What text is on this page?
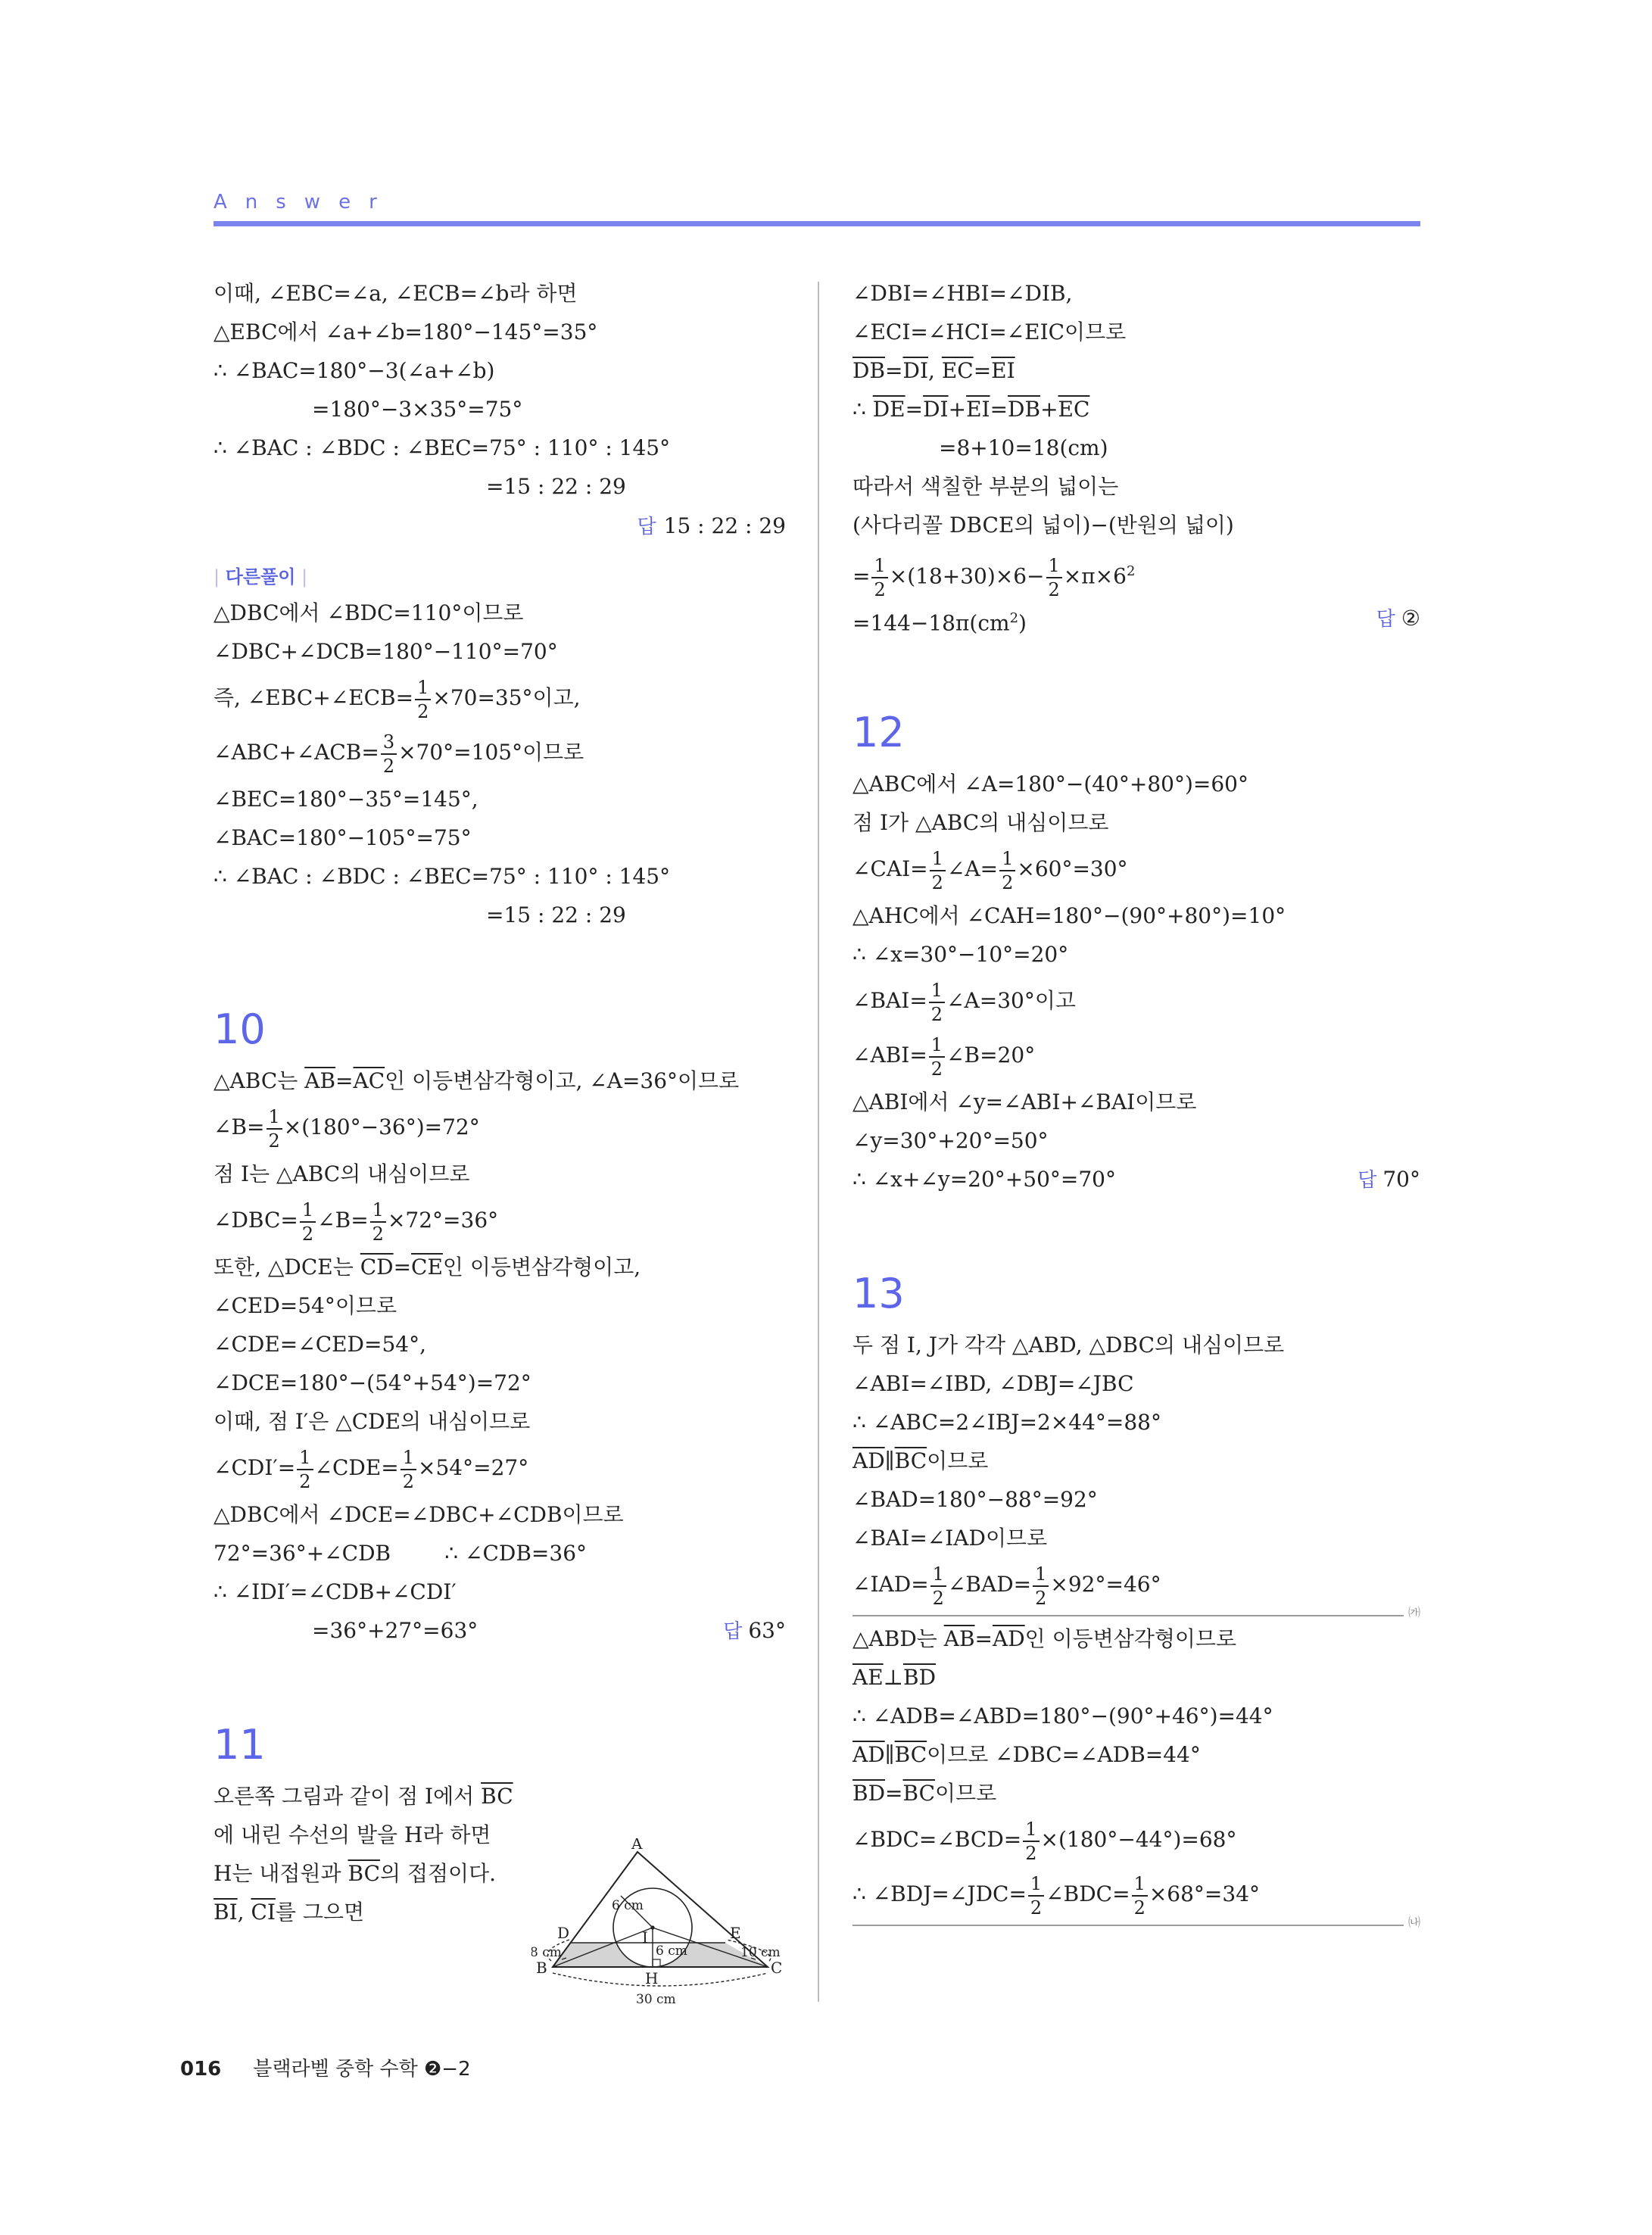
Answer
이때, ∠EBC=∠a, ∠ECB=∠b라 하면
△EBC에서 ∠a+∠b=180°−145°=35°
∴ ∠BAC=180°−3(∠a+∠b)
=180°−3×35°=75°
∴ ∠BAC : ∠BDC : ∠BEC=75° : 110° : 145°
=15 : 22 : 29
답 15 : 22 : 29
| 다른풀이 |
△DBC에서 ∠BDC=110°이므로
∠DBC+∠DCB=180°−110°=70°
즉, ∠EBC+∠ECB= $\frac{1}{2} \times 70=35^\circ$이고,
∠ABC+∠ACB= $\frac{3}{2} \times 70^\circ=105^\circ$이므로
∠BEC=180°−35°=145°,
∠BAC=180°−105°=75°
∴ ∠BAC : ∠BDC : ∠BEC=75° : 110° : 145°
=15 : 22 : 29
10
△ABC는 $\overline{AB}=\overline{AC}$인 이등변삼각형이고, ∠A=36°이므로
∠B= $\frac{1}{2} \times(180^\circ-36^\circ)=72^\circ$
점 I는 △ABC의 내심이므로
∠DBC= $\frac{1}{2}$ ∠B= $\frac{1}{2} \times 72^\circ=36^\circ$
또한, △DCE는 $\overline{CD}=\overline{CE}$인 이등변삼각형이고,
∠CED=54°이므로
∠CDE=∠CED=54°,
∠DCE=180°−(54°+54°)=72°
이때, 점 I′은 △CDE의 내심이므로
∠CDI′= $\frac{1}{2}$ ∠CDE= $\frac{1}{2} \times 54^\circ=27^\circ$
△DBC에서 ∠DCE=∠DBC+∠CDB이므로
72°=36°+∠CDB        ∴ ∠CDB=36°
∴ ∠IDI′=∠CDB+∠CDI′
=36°+27°=63°	답 63°
11
오른쪽 그림과 같이 점 I에서 $\overline{BC}$
에 내린 수선의 발을 H라 하면
H는 내접원과 $\overline{BC}$의 접점이다.
$\overline{BI}$, $\overline{CI}$를 그으면
A
B	C
D	E
H
I
6 cm
6 cm
8 cm	10 cm
30 cm
∠DBI=∠HBI=∠DIB,
∠ECI=∠HCI=∠EIC이므로
$\overline{DB}=\overline{DI}$, $\overline{EC}=\overline{EI}$
∴ $\overline{DE}=\overline{DI}+\overline{EI}=\overline{DB}+\overline{EC}$
=8+10=18(cm)
따라서 색칠한 부분의 넓이는
(사다리꼴 DBCE의 넓이)−(반원의 넓이)
= $\frac{1}{2} \times(18+30)\times 6- \frac{1}{2} \times\pi\times 6^2$
$=144-18\pi(cm^2)$	답 ②
12
△ABC에서 ∠A=180°−(40°+80°)=60°
점 I가 △ABC의 내심이므로
∠CAI= $\frac{1}{2}$ ∠A= $\frac{1}{2} \times 60^\circ=30^\circ$
△AHC에서 ∠CAH=180°−(90°+80°)=10°
∴ ∠x=30°−10°=20°
∠BAI= $\frac{1}{2}$ ∠A=30°이고
∠ABI= $\frac{1}{2}$ ∠B=20°
△ABI에서 ∠y=∠ABI+∠BAI이므로
∠y=30°+20°=50°
∴ ∠x+∠y=20°+50°=70°	답 70°
13
두 점 I, J가 각각 △ABD, △DBC의 내심이므로
∠ABI=∠IBD, ∠DBJ=∠JBC
∴ ∠ABC=2∠IBJ=2×44°=88°
$\overline{AD}\parallel\overline{BC}$이므로
∠BAD=180°−88°=92°
∠BAI=∠IAD이므로
∠IAD= $\frac{1}{2}$ ∠BAD= $\frac{1}{2} \times 92^\circ=46^\circ$
㈎
△ABD는 $\overline{AB}=\overline{AD}$인 이등변삼각형이므로
$\overline{AE}\perp\overline{BD}$
∴ ∠ADB=∠ABD=180°−(90°+46°)=44°
$\overline{AD}\parallel\overline{BC}$이므로 ∠DBC=∠ADB=44°
$\overline{BD}=\overline{BC}$이므로
∠BDC=∠BCD= $\frac{1}{2} \times(180^\circ-44^\circ)=68^\circ$
∴ ∠BDJ=∠JDC= $\frac{1}{2}$ ∠BDC= $\frac{1}{2} \times 68^\circ=34^\circ$
㈏
016 블랙라벨 중학 수학 ❷−2
